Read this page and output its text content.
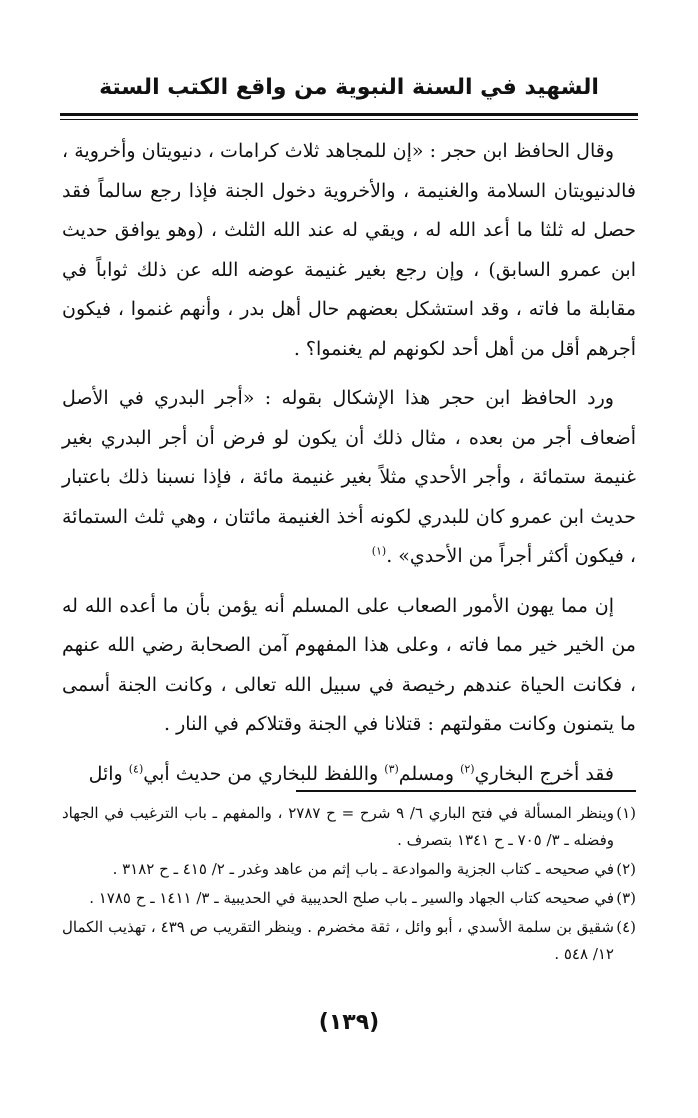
الشهيد في السنة النبوية من واقع الكتب الستة

وقال الحافظ ابن حجر : «إن للمجاهد ثلاث كرامات ، دنيويتان وأخروية ، فالدنيويتان السلامة والغنيمة ، والأخروية دخول الجنة فإذا رجع سالماً فقد حصل له ثلثا ما أعد الله له ، ويقي له عند الله الثلث ، (وهو يوافق حديث ابن عمرو السابق) ، وإن رجع بغير غنيمة عوضه الله عن ذلك ثواباً في مقابلة ما فاته ، وقد استشكل بعضهم حال أهل بدر ، وأنهم غنموا ، فيكون أجرهم أقل من أهل أحد لكونهم لم يغنموا؟ .

ورد الحافظ ابن حجر هذا الإشكال بقوله : «أجر البدري في الأصل أضعاف أجر من بعده ، مثال ذلك أن يكون لو فرض أن أجر البدري بغير غنيمة ستمائة ، وأجر الأحدي مثلاً بغير غنيمة مائة ، فإذا نسبنا ذلك باعتبار حديث ابن عمرو كان للبدري لكونه أخذ الغنيمة مائتان ، وهي ثلث الستمائة ، فيكون أكثر أجراً من الأحدي» .$^{(١)}$

إن مما يهون الأمور الصعاب على المسلم أنه يؤمن بأن ما أعده الله له من الخير خير مما فاته ، وعلى هذا المفهوم آمن الصحابة رضي الله عنهم ، فكانت الحياة عندهم رخيصة في سبيل الله تعالى ، وكانت الجنة أسمى ما يتمنون وكانت مقولتهم : قتلانا في الجنة وقتلاكم في النار .

فقد أخرج البخاري$^{(٢)}$ ومسلم$^{(٣)}$ واللفظ للبخاري من حديث أبي$^{(٤)}$ وائل

(١)
وينظر المسألة في فتح الباري ٦/ ٩ شرح = ح ٢٧٨٧ ، والمفهم ـ باب الترغيب في الجهاد وفضله ـ ٣/ ٧٠٥ ـ ح ١٣٤١ بتصرف .

(٢)
في صحيحه ـ كتاب الجزية والموادعة ـ باب إثم من عاهد وغدر ـ ٢/ ٤١٥ ـ ح ٣١٨٢ .

(٣)
في صحيحه كتاب الجهاد والسير ـ باب صلح الحديبية في الحديبية ـ ٣/ ١٤١١ ـ ح ١٧٨٥ .

(٤)
شقيق بن سلمة الأسدي ، أبو وائل ، ثقة مخضرم . وينظر التقريب ص ٤٣٩ ، تهذيب الكمال ١٢/ ٥٤٨ .

(١٣٩)
